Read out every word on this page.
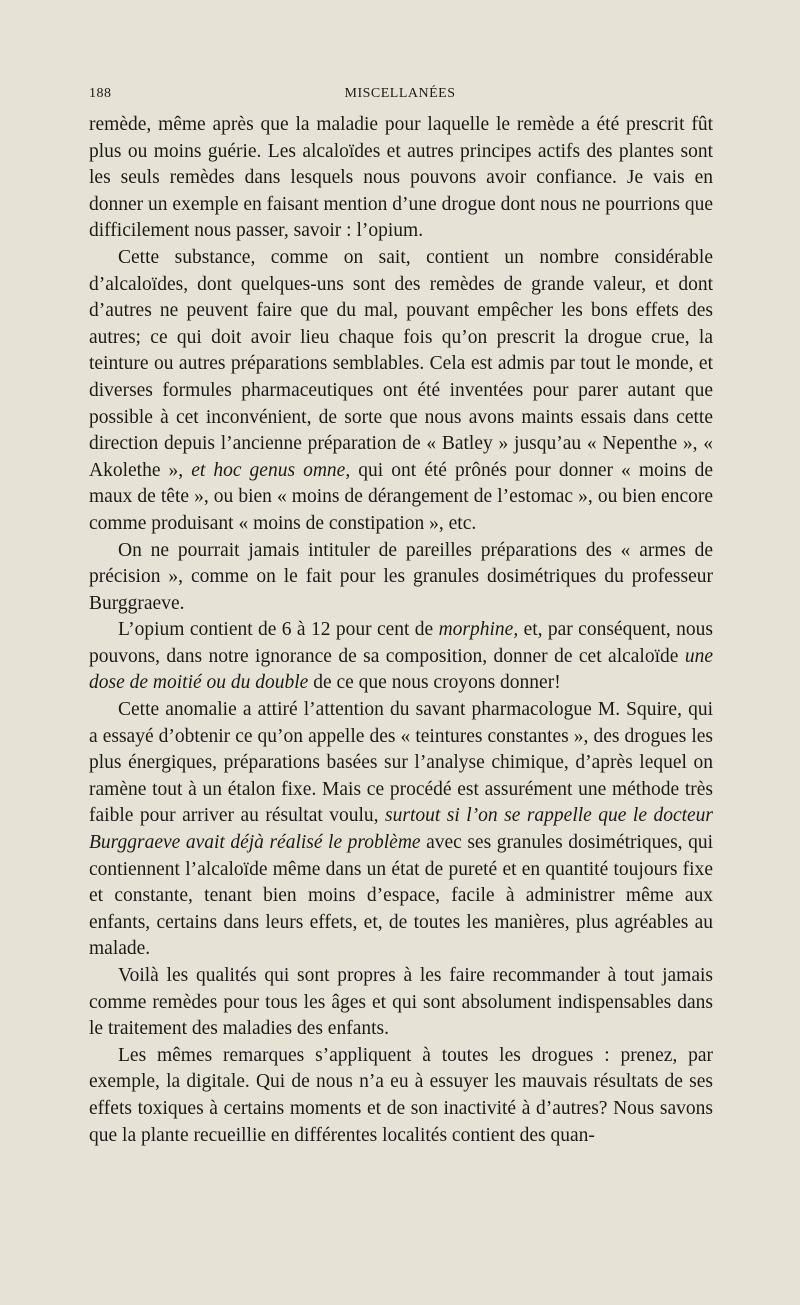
188	MISCELLANÉES

remède, même après que la maladie pour laquelle le remède a été prescrit fût plus ou moins guérie. Les alcaloïdes et autres principes actifs des plantes sont les seuls remèdes dans lesquels nous pouvons avoir confiance. Je vais en donner un exemple en faisant mention d’une drogue dont nous ne pourrions que difficilement nous passer, savoir : l’opium.

Cette substance, comme on sait, contient un nombre considérable d’alcaloïdes, dont quelques-uns sont des remèdes de grande valeur, et dont d’autres ne peuvent faire que du mal, pouvant empêcher les bons effets des autres; ce qui doit avoir lieu chaque fois qu’on prescrit la drogue crue, la teinture ou autres préparations semblables. Cela est admis par tout le monde, et diverses formules pharmaceutiques ont été inventées pour parer autant que possible à cet inconvénient, de sorte que nous avons maints essais dans cette direction depuis l’ancienne préparation de « Batley » jusqu’au « Nepenthe », « Akolethe », et hoc genus omne, qui ont été prônés pour donner « moins de maux de tête », ou bien « moins de dérangement de l’estomac », ou bien encore comme produisant « moins de constipation », etc.

On ne pourrait jamais intituler de pareilles préparations des « armes de précision », comme on le fait pour les granules dosimétriques du professeur Burggraeve.

L’opium contient de 6 à 12 pour cent de morphine, et, par conséquent, nous pouvons, dans notre ignorance de sa composition, donner de cet alcaloïde une dose de moitié ou du double de ce que nous croyons donner!

Cette anomalie a attiré l’attention du savant pharmacologue M. Squire, qui a essayé d’obtenir ce qu’on appelle des « teintures constantes », des drogues les plus énergiques, préparations basées sur l’analyse chimique, d’après lequel on ramène tout à un étalon fixe. Mais ce procédé est assurément une méthode très faible pour arriver au résultat voulu, surtout si l’on se rappelle que le docteur Burggraeve avait déjà réalisé le problème avec ses granules dosimétriques, qui contiennent l’alcaloïde même dans un état de pureté et en quantité toujours fixe et constante, tenant bien moins d’espace, facile à administrer même aux enfants, certains dans leurs effets, et, de toutes les manières, plus agréables au malade.

Voilà les qualités qui sont propres à les faire recommander à tout jamais comme remèdes pour tous les âges et qui sont absolument indispensables dans le traitement des maladies des enfants.

Les mêmes remarques s’appliquent à toutes les drogues : prenez, par exemple, la digitale. Qui de nous n’a eu à essuyer les mauvais résultats de ses effets toxiques à certains moments et de son inactivité à d’autres? Nous savons que la plante recueillie en différentes localités contient des quan-
